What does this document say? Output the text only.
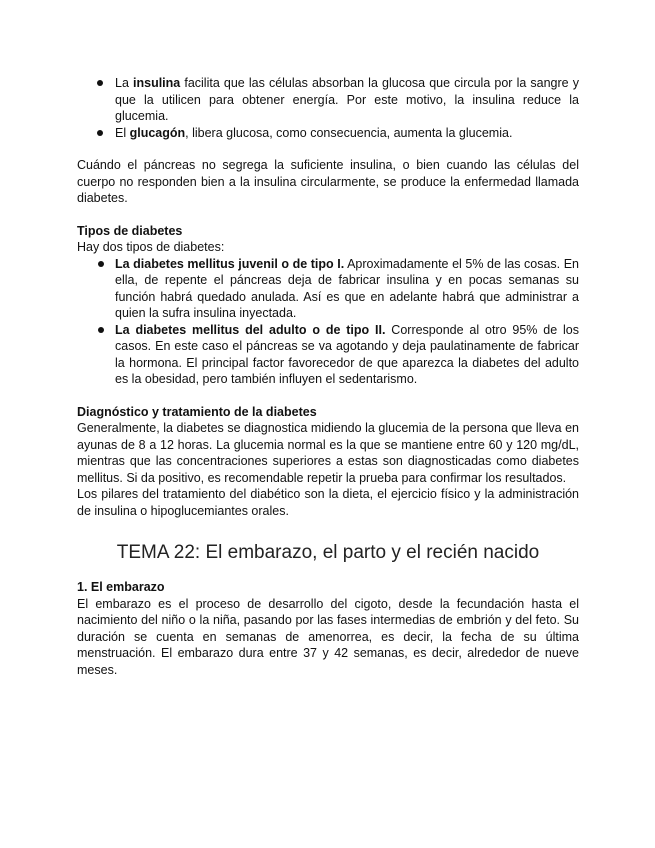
La insulina facilita que las células absorban la glucosa que circula por la sangre y que la utilicen para obtener energía. Por este motivo, la insulina reduce la glucemia.
El glucagón, libera glucosa, como consecuencia, aumenta la glucemia.

Cuándo el páncreas no segrega la suficiente insulina, o bien cuando las células del cuerpo no responden bien a la insulina circularmente, se produce la enfermedad llamada diabetes.

Tipos de diabetes

Hay dos tipos de diabetes:

La diabetes mellitus juvenil o de tipo I. Aproximadamente el 5% de las cosas. En ella, de repente el páncreas deja de fabricar insulina y en pocas semanas su función habrá quedado anulada. Así es que en adelante habrá que administrar a quien la sufra insulina inyectada.
La diabetes mellitus del adulto o de tipo II. Corresponde al otro 95% de los casos. En este caso el páncreas se va agotando y deja paulatinamente de fabricar la hormona. El principal factor favorecedor de que aparezca la diabetes del adulto es la obesidad, pero también influyen el sedentarismo.

Diagnóstico y tratamiento de la diabetes

Generalmente, la diabetes se diagnostica midiendo la glucemia de la persona que lleva en ayunas de 8 a 12 horas. La glucemia normal es la que se mantiene entre 60 y 120 mg/dL, mientras que las concentraciones superiores a estas son diagnosticadas como diabetes mellitus. Si da positivo, es recomendable repetir la prueba para confirmar los resultados.

Los pilares del tratamiento del diabético son la dieta, el ejercicio físico y la administración de insulina o hipoglucemiantes orales.

TEMA 22: El embarazo, el parto y el recién nacido

1. El embarazo

El embarazo es el proceso de desarrollo del cigoto, desde la fecundación hasta el nacimiento del niño o la niña, pasando por las fases intermedias de embrión y del feto. Su duración se cuenta en semanas de amenorrea, es decir, la fecha de su última menstruación. El embarazo dura entre 37 y 42 semanas, es decir, alrededor de nueve meses.
